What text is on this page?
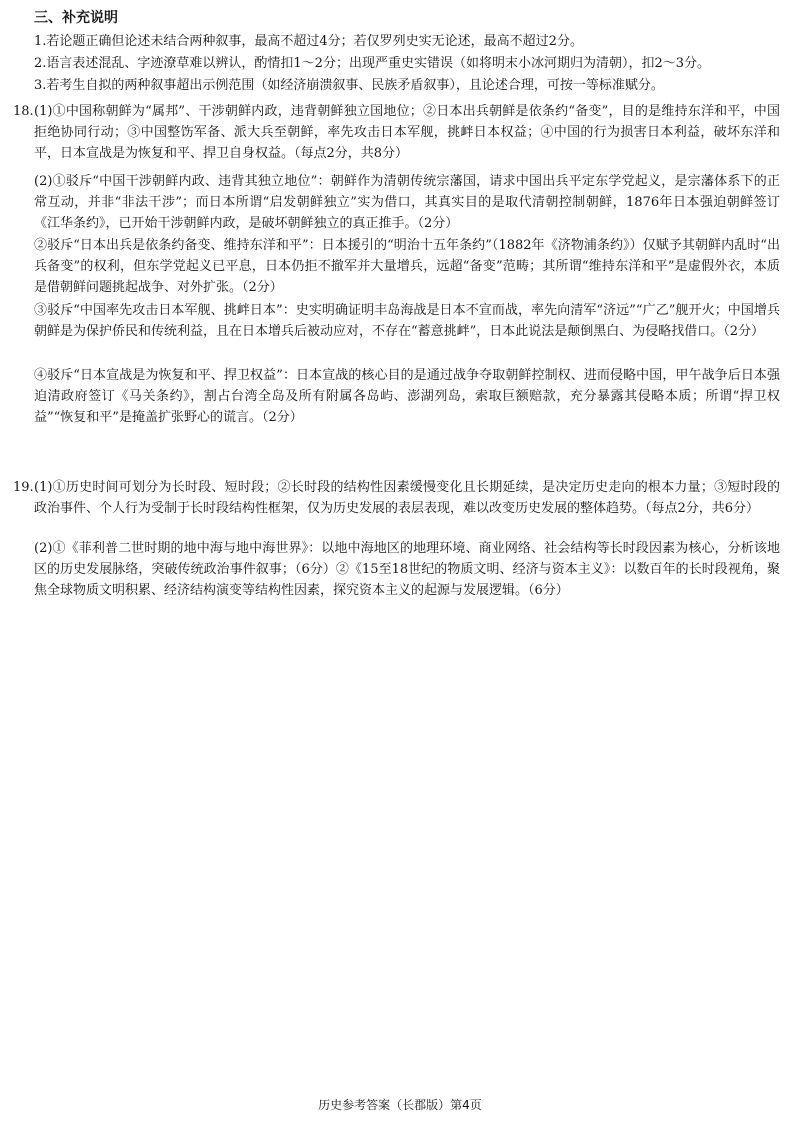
三、补充说明

1.若论题正确但论述未结合两种叙事，最高不超过4分；若仅罗列史实无论述，最高不超过2分。

2.语言表述混乱、字迹潦草难以辨认，酌情扣1～2分；出现严重史实错误（如将明末小冰河期归为清朝），扣2～3分。

3.若考生自拟的两种叙事超出示例范围（如经济崩溃叙事、民族矛盾叙事），且论述合理，可按一等标准赋分。

18. (1)①中国称朝鲜为“属邦”、干涉朝鲜内政，违背朝鲜独立国地位；②日本出兵朝鲜是依条约“备变”，目的是维持东洋和平，中国拒绝协同行动；③中国整饬军备、派大兵至朝鲜，率先攻击日本军舰，挑衅日本权益；④中国的行为损害日本利益，破坏东洋和平，日本宣战是为恢复和平、捍卫自身权益。（每点2分，共8分）

(2)①驳斥“中国干涉朝鲜内政、违背其独立地位”：朝鲜作为清朝传统宗藩国，请求中国出兵平定东学党起义，是宗藩体系下的正常互动，并非“非法干涉”；而日本所谓“启发朝鲜独立”实为借口，其真实目的是取代清朝控制朝鲜，1876年日本强迫朝鲜签订《江华条约》，已开始干涉朝鲜内政，是破坏朝鲜独立的真正推手。（2分）

②驳斥“日本出兵是依条约备变、维持东洋和平”：日本援引的“明治十五年条约”（1882年《济物浦条约》）仅赋予其朝鲜内乱时“出兵备变”的权利，但东学党起义已平息，日本仍拒不撤军并大量增兵，远超“备变”范畴；其所谓“维持东洋和平”是虚假外衣，本质是借朝鲜问题挑起战争、对外扩张。（2分）

③驳斥“中国率先攻击日本军舰、挑衅日本”：史实明确证明丰岛海战是日本不宣而战，率先向清军“济远”“广乙”舰开火；中国增兵朝鲜是为保护侨民和传统利益，且在日本增兵后被动应对，不存在“蓄意挑衅”，日本此说法是颠倒黑白、为侵略找借口。（2分）

④驳斥“日本宣战是为恢复和平、捍卫权益”：日本宣战的核心目的是通过战争夺取朝鲜控制权、进而侵略中国，甲午战争后日本强迫清政府签订《马关条约》，割占台湾全岛及所有附属各岛屿、澎湖列岛，索取巨额赔款，充分暴露其侵略本质；所谓“捍卫权益”“恢复和平”是掩盖扩张野心的谎言。（2分）

19. (1)①历史时间可划分为长时段、短时段；②长时段的结构性因素缓慢变化且长期延续，是决定历史走向的根本力量；③短时段的政治事件、个人行为受制于长时段结构性框架，仅为历史发展的表层表现，难以改变历史发展的整体趋势。（每点2分，共6分）

(2)①《菲利普二世时期的地中海与地中海世界》：以地中海地区的地理环境、商业网络、社会结构等长时段因素为核心，分析该地区的历史发展脉络，突破传统政治事件叙事；（6分）②《15至18世纪的物质文明、经济与资本主义》：以数百年的长时段视角，聚焦全球物质文明积累、经济结构演变等结构性因素，探究资本主义的起源与发展逻辑。（6分）

历史参考答案（长郡版）第4页
